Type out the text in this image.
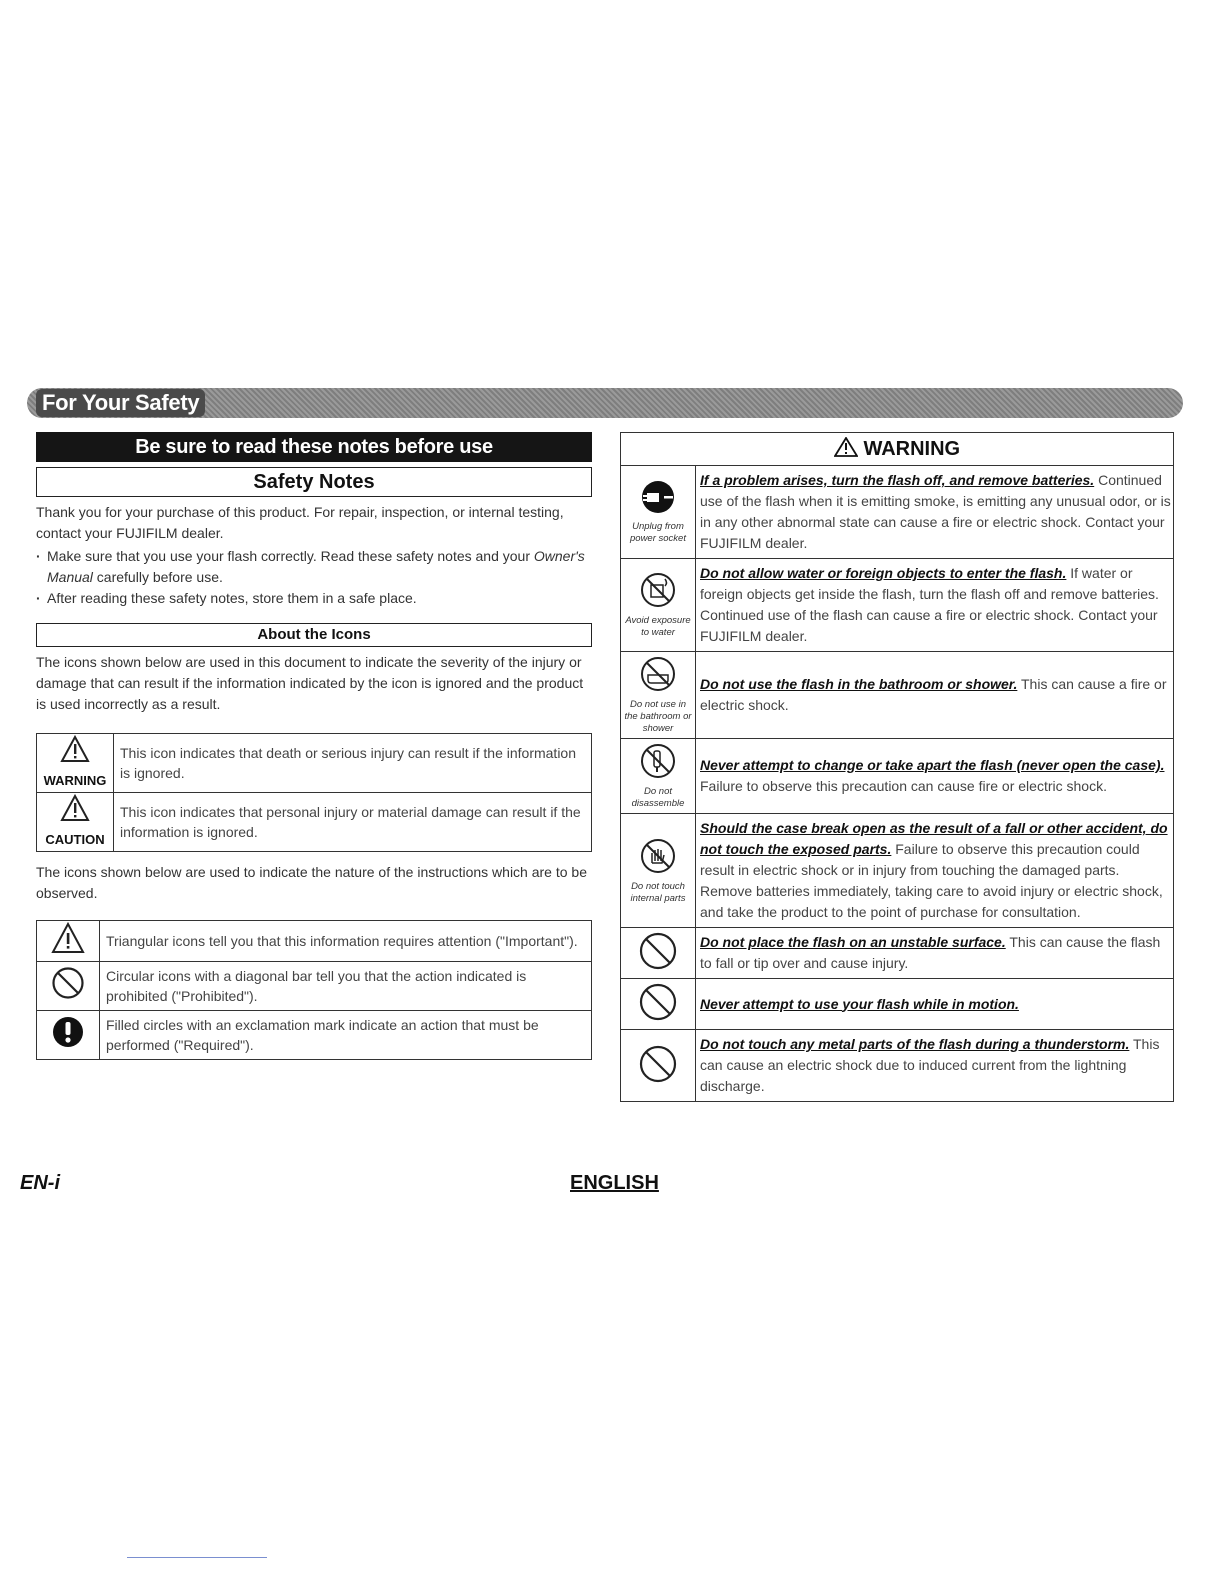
For Your Safety
Be sure to read these notes before use
Safety Notes

Thank you for your purchase of this product. For repair, inspection, or internal testing, contact your FUJIFILM dealer.

· Make sure that you use your flash correctly. Read these safety notes and your Owner's Manual carefully before use.
· After reading these safety notes, store them in a safe place.
About the Icons

The icons shown below are used in this document to indicate the severity of the injury or damage that can result if the information indicated by the icon is ignored and the product is used incorrectly as a result.

WARNING	This icon indicates that death or serious injury can result if the information is ignored.

CAUTION	This icon indicates that personal injury or material damage can result if the information is ignored.

The icons shown below are used to indicate the nature of the instructions which are to be observed.

	Triangular icons tell you that this information requires attention ("Important").
	Circular icons with a diagonal bar tell you that the action indicated is prohibited ("Prohibited").
	Filled circles with an exclamation mark indicate an action that must be performed ("Required").
WARNING	

Unplug from power socket	If a problem arises, turn the flash off, and remove batteries. Continued use of the flash when it is emitting smoke, is emitting any unusual odor, or is in any other abnormal state can cause a fire or electric shock. Contact your FUJIFILM dealer.

Avoid exposure to water	Do not allow water or foreign objects to enter the flash. If water or foreign objects get inside the flash, turn the flash off and remove batteries. Continued use of the flash can cause a fire or electric shock. Contact your FUJIFILM dealer.

Do not use in the bathroom or shower	Do not use the flash in the bathroom or shower. This can cause a fire or electric shock.

Do not disassemble	Never attempt to change or take apart the flash (never open the case). Failure to observe this precaution can cause fire or electric shock.

Do not touch internal parts	Should the case break open as the result of a fall or other accident, do not touch the exposed parts. Failure to observe this precaution could result in electric shock or in injury from touching the damaged parts. Remove batteries immediately, taking care to avoid injury or electric shock, and take the product to the point of purchase for consultation.
	Do not place the flash on an unstable surface. This can cause the flash to fall or tip over and cause injury.
	Never attempt to use your flash while in motion.
	Do not touch any metal parts of the flash during a thunderstorm. This can cause an electric shock due to induced current from the lightning discharge.
EN-i	ENGLISH
